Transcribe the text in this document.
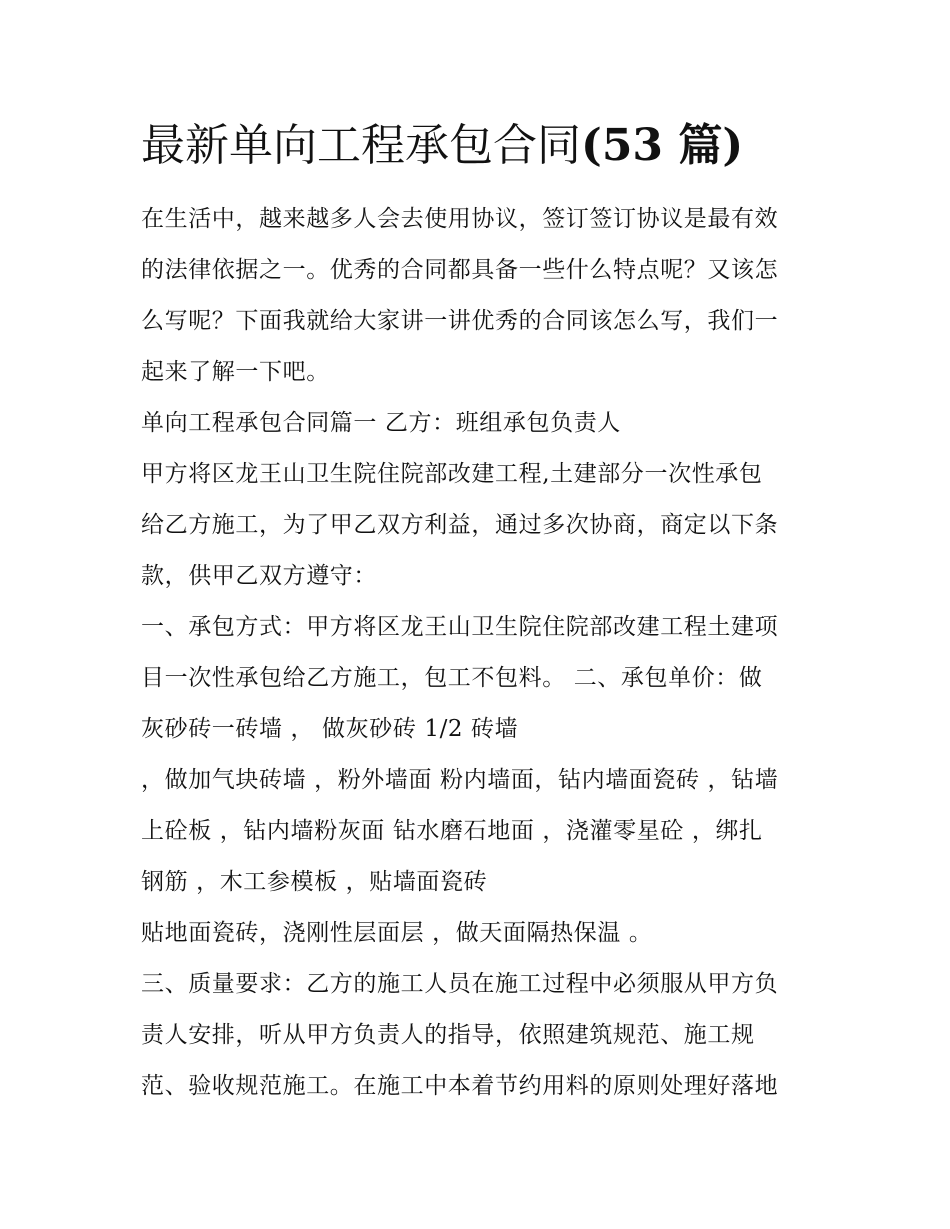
最新单向工程承包合同(53 篇)
在生活中，越来越多人会去使用协议，签订签订协议是最有效
的法律依据之一。优秀的合同都具备一些什么特点呢？又该怎
么写呢？下面我就给大家讲一讲优秀的合同该怎么写，我们一
起来了解一下吧。
单向工程承包合同篇一 乙方：班组承包负责人
甲方将区龙王山卫生院住院部改建工程,土建部分一次性承包
给乙方施工，为了甲乙双方利益，通过多次协商，商定以下条
款，供甲乙双方遵守：
一、承包方式：甲方将区龙王山卫生院住院部改建工程土建项
目一次性承包给乙方施工，包工不包料。 二、承包单价：做
灰砂砖一砖墙 ， 做灰砂砖 1/2 砖墙
，做加气块砖墙 ，粉外墙面 粉内墙面，钻内墙面瓷砖 ，钻墙
上砼板 ，钻内墙粉灰面 钻水磨石地面 ，浇灌零星砼 ，绑扎
钢筋 ，木工参模板 ，贴墙面瓷砖
贴地面瓷砖，浇刚性层面层 ，做天面隔热保温 。
三、质量要求：乙方的施工人员在施工过程中必须服从甲方负
责人安排，听从甲方负责人的指导，依照建筑规范、施工规
范、验收规范施工。在施工中本着节约用料的原则处理好落地
